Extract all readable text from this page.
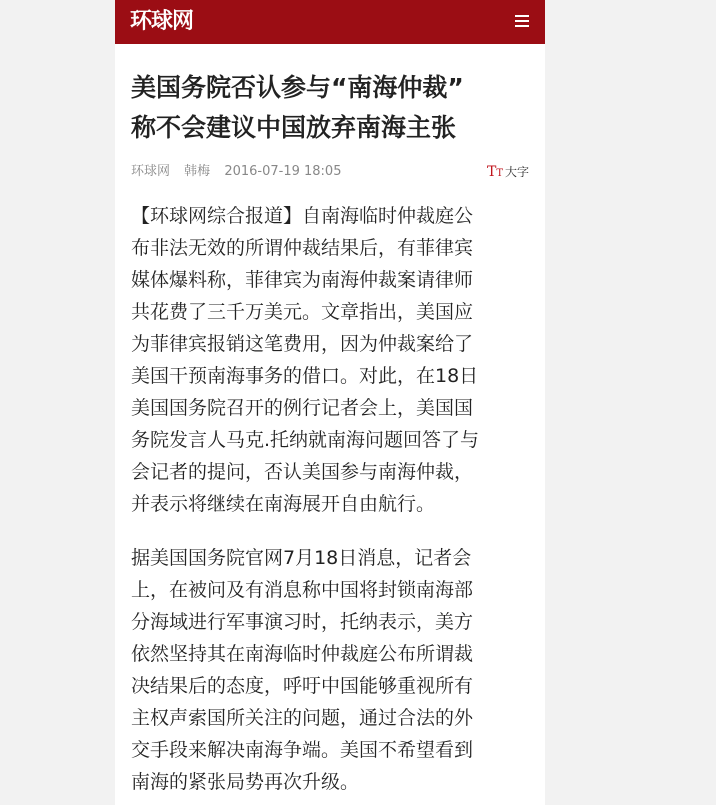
环球网
美国务院否认参与“南海仲裁”
称不会建议中国放弃南海主张
环球网 韩梅 2016-07-19 18:05	TT 大字

【环球网综合报道】自南海临时仲裁庭公
布非法无效的所谓仲裁结果后，有菲律宾
媒体爆料称，菲律宾为南海仲裁案请律师
共花费了三千万美元。文章指出，美国应
为菲律宾报销这笔费用，因为仲裁案给了
美国干预南海事务的借口。对此，在18日
美国国务院召开的例行记者会上，美国国
务院发言人马克.托纳就南海问题回答了与
会记者的提问，否认美国参与南海仲裁，
并表示将继续在南海展开自由航行。

据美国国务院官网7月18日消息，记者会
上，在被问及有消息称中国将封锁南海部
分海域进行军事演习时，托纳表示，美方
依然坚持其在南海临时仲裁庭公布所谓裁
决结果后的态度，呼吁中国能够重视所有
主权声索国所关注的问题，通过合法的外
交手段来解决南海争端。美国不希望看到
南海的紧张局势再次升级。
